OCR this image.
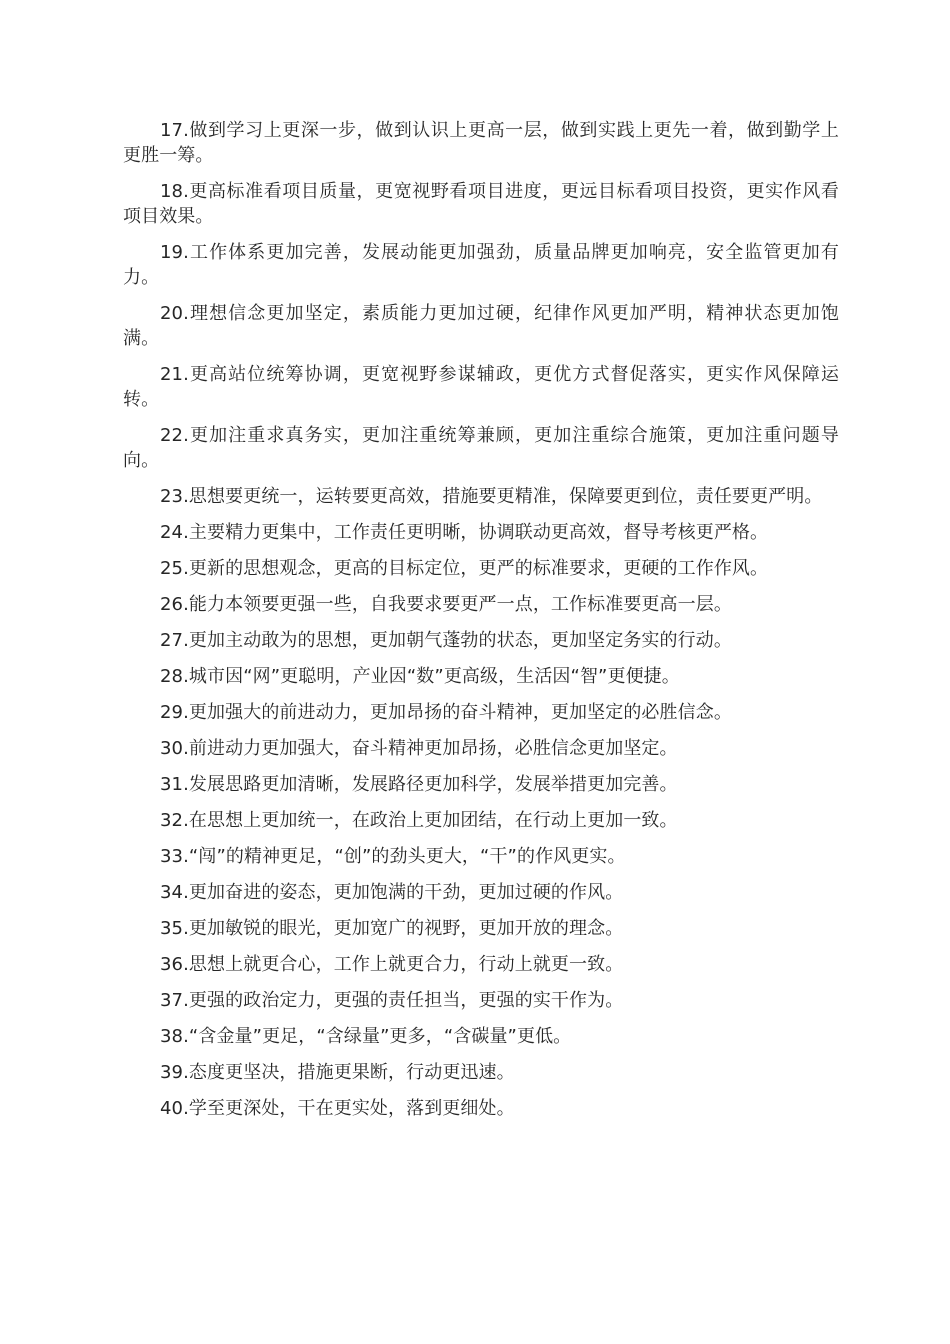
17.做到学习上更深一步，做到认识上更高一层，做到实践上更先一着，做到勤学上更胜一筹。

18.更高标准看项目质量，更宽视野看项目进度，更远目标看项目投资，更实作风看项目效果。

19.工作体系更加完善，发展动能更加强劲，质量品牌更加响亮，安全监管更加有力。

20.理想信念更加坚定，素质能力更加过硬，纪律作风更加严明，精神状态更加饱满。

21.更高站位统筹协调，更宽视野参谋辅政，更优方式督促落实，更实作风保障运转。

22.更加注重求真务实，更加注重统筹兼顾，更加注重综合施策，更加注重问题导向。

23.思想要更统一，运转要更高效，措施要更精准，保障要更到位，责任要更严明。

24.主要精力更集中，工作责任更明晰，协调联动更高效，督导考核更严格。

25.更新的思想观念，更高的目标定位，更严的标准要求，更硬的工作作风。

26.能力本领要更强一些，自我要求要更严一点，工作标准要更高一层。

27.更加主动敢为的思想，更加朝气蓬勃的状态，更加坚定务实的行动。

28.城市因“网”更聪明，产业因“数”更高级，生活因“智”更便捷。

29.更加强大的前进动力，更加昂扬的奋斗精神，更加坚定的必胜信念。

30.前进动力更加强大，奋斗精神更加昂扬，必胜信念更加坚定。

31.发展思路更加清晰，发展路径更加科学，发展举措更加完善。

32.在思想上更加统一，在政治上更加团结，在行动上更加一致。

33.“闯”的精神更足，“创”的劲头更大，“干”的作风更实。

34.更加奋进的姿态，更加饱满的干劲，更加过硬的作风。

35.更加敏锐的眼光，更加宽广的视野，更加开放的理念。

36.思想上就更合心，工作上就更合力，行动上就更一致。

37.更强的政治定力，更强的责任担当，更强的实干作为。

38.“含金量”更足，“含绿量”更多，“含碳量”更低。

39.态度更坚决，措施更果断，行动更迅速。

40.学至更深处，干在更实处，落到更细处。
